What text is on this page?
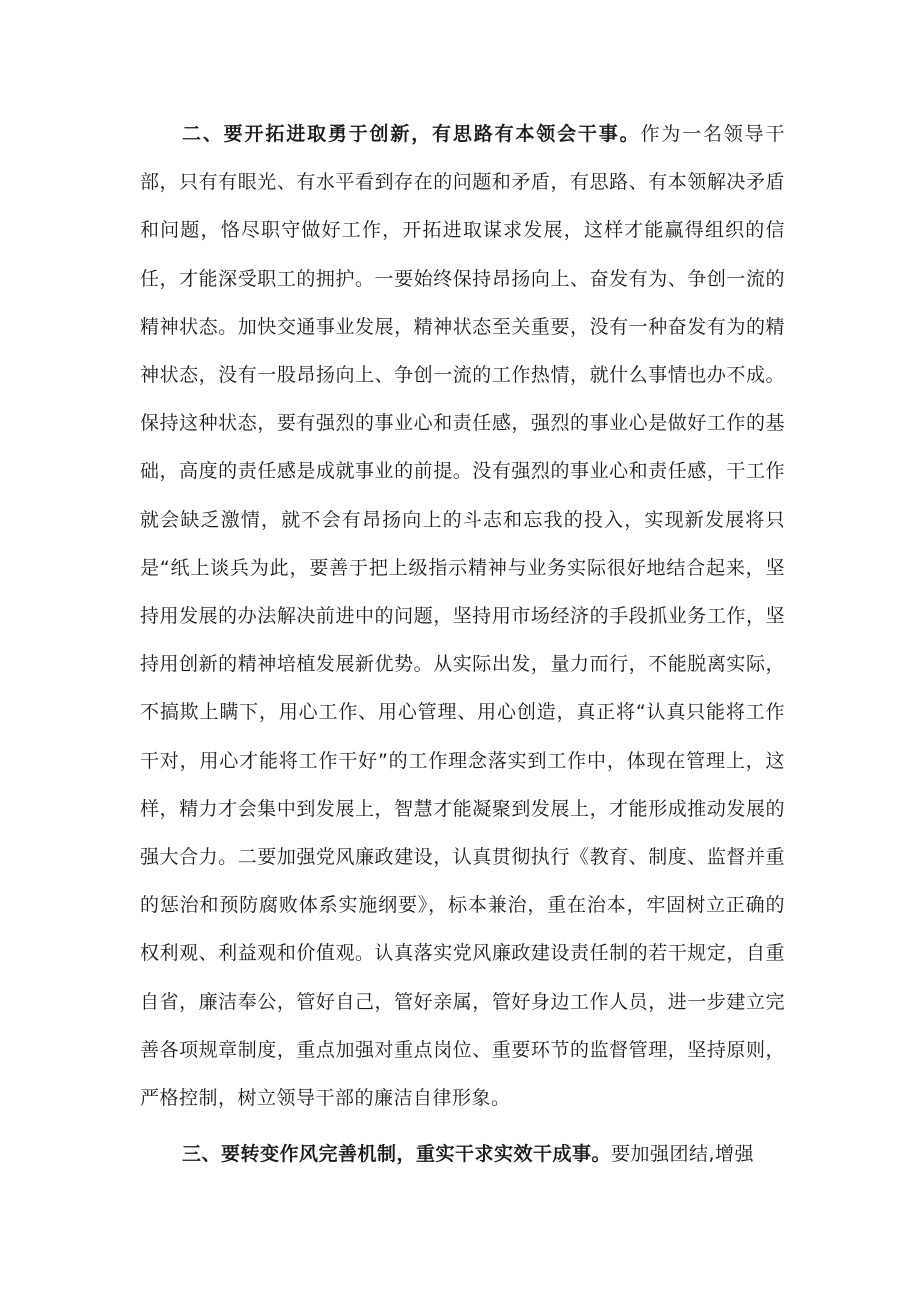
二、要开拓进取勇于创新，有思路有本领会干事。作为一名领导干部，只有有眼光、有水平看到存在的问题和矛盾，有思路、有本领解决矛盾和问题，恪尽职守做好工作，开拓进取谋求发展，这样才能赢得组织的信任，才能深受职工的拥护。一要始终保持昂扬向上、奋发有为、争创一流的精神状态。加快交通事业发展，精神状态至关重要，没有一种奋发有为的精神状态，没有一股昂扬向上、争创一流的工作热情，就什么事情也办不成。保持这种状态，要有强烈的事业心和责任感，强烈的事业心是做好工作的基础，高度的责任感是成就事业的前提。没有强烈的事业心和责任感，干工作就会缺乏激情，就不会有昂扬向上的斗志和忘我的投入，实现新发展将只是“纸上谈兵为此，要善于把上级指示精神与业务实际很好地结合起来，坚持用发展的办法解决前进中的问题，坚持用市场经济的手段抓业务工作，坚持用创新的精神培植发展新优势。从实际出发，量力而行，不能脱离实际，不搞欺上瞒下，用心工作、用心管理、用心创造，真正将“认真只能将工作干对，用心才能将工作干好”的工作理念落实到工作中，体现在管理上，这样，精力才会集中到发展上，智慧才能凝聚到发展上，才能形成推动发展的强大合力。二要加强党风廉政建设，认真贯彻执行《教育、制度、监督并重的惩治和预防腐败体系实施纲要》，标本兼治，重在治本，牢固树立正确的权利观、利益观和价值观。认真落实党风廉政建设责任制的若干规定，自重自省，廉洁奉公，管好自己，管好亲属，管好身边工作人员，进一步建立完善各项规章制度，重点加强对重点岗位、重要环节的监督管理，坚持原则，严格控制，树立领导干部的廉洁自律形象。

三、要转变作风完善机制，重实干求实效干成事。要加强团结,增强
